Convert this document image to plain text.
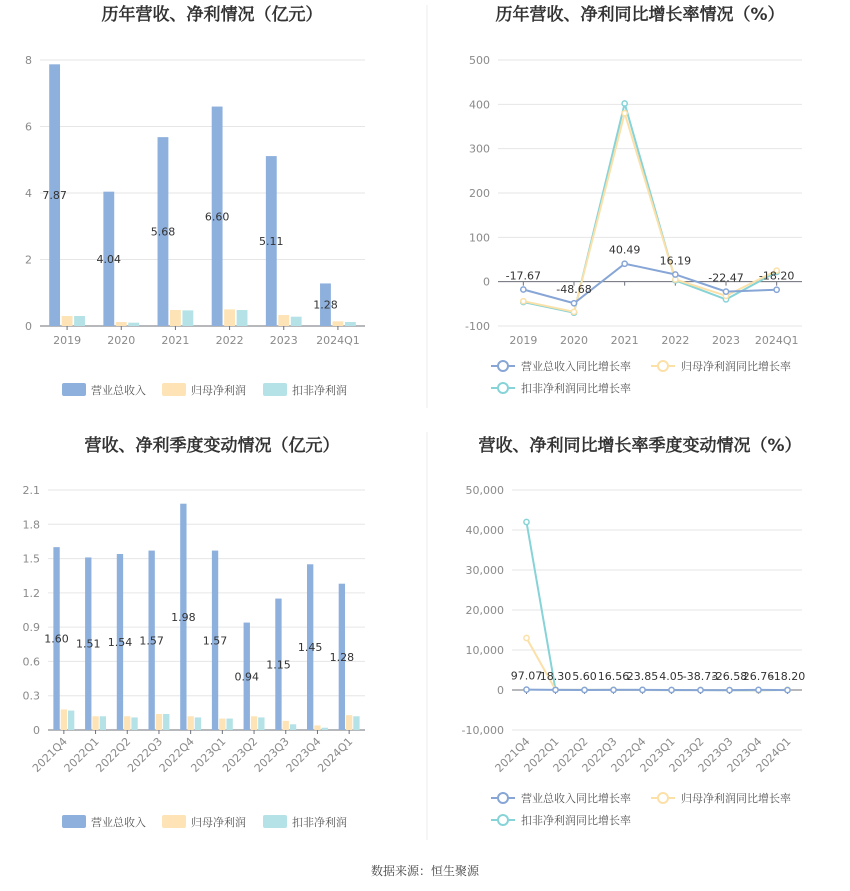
历年营收、净利情况（亿元）	历年营收、净利同比增长率情况（%）
营收、净利季度变动情况（亿元）	营收、净利同比增长率季度变动情况（%）
0
2
4
6
8
2019 2020 2021 2022 2023 2024Q1
7.87
4.04
5.68
6.60
5.11
1.28
营业总收入	归母净利润	扣非净利润
-100
0
100
200
300
400
500
2019 2020 2021 2022 2023 2024Q1
-17.67
-48.68
40.49
16.19
-22.47 -18.20
营业总收入同比增长率	归母净利润同比增长率
扣非净利润同比增长率
0
0.3
0.6
0.9
1.2
1.5
1.8
2.1
2021Q4
2022Q1
2022Q2
2022Q3
2022Q4
2023Q1
2023Q2
2023Q3
2023Q4
2024Q1
1.60 1.51 1.54 1.57
1.98
1.57
0.94
1.15
1.45
1.28
营业总收入	归母净利润	扣非净利润
-10,000
0
10,000
20,000
30,000
40,000
50,000
2021Q4
2022Q1
2022Q2
2022Q3
2022Q4
2023Q1
2023Q2
2023Q3
2023Q4
2024Q1
97.07
18.30 5.60 16.56
23.85 4.05 -38.73
-26.58
26.76
-18.20
营业总收入同比增长率	归母净利润同比增长率
扣非净利润同比增长率
数据来源：恒生聚源
